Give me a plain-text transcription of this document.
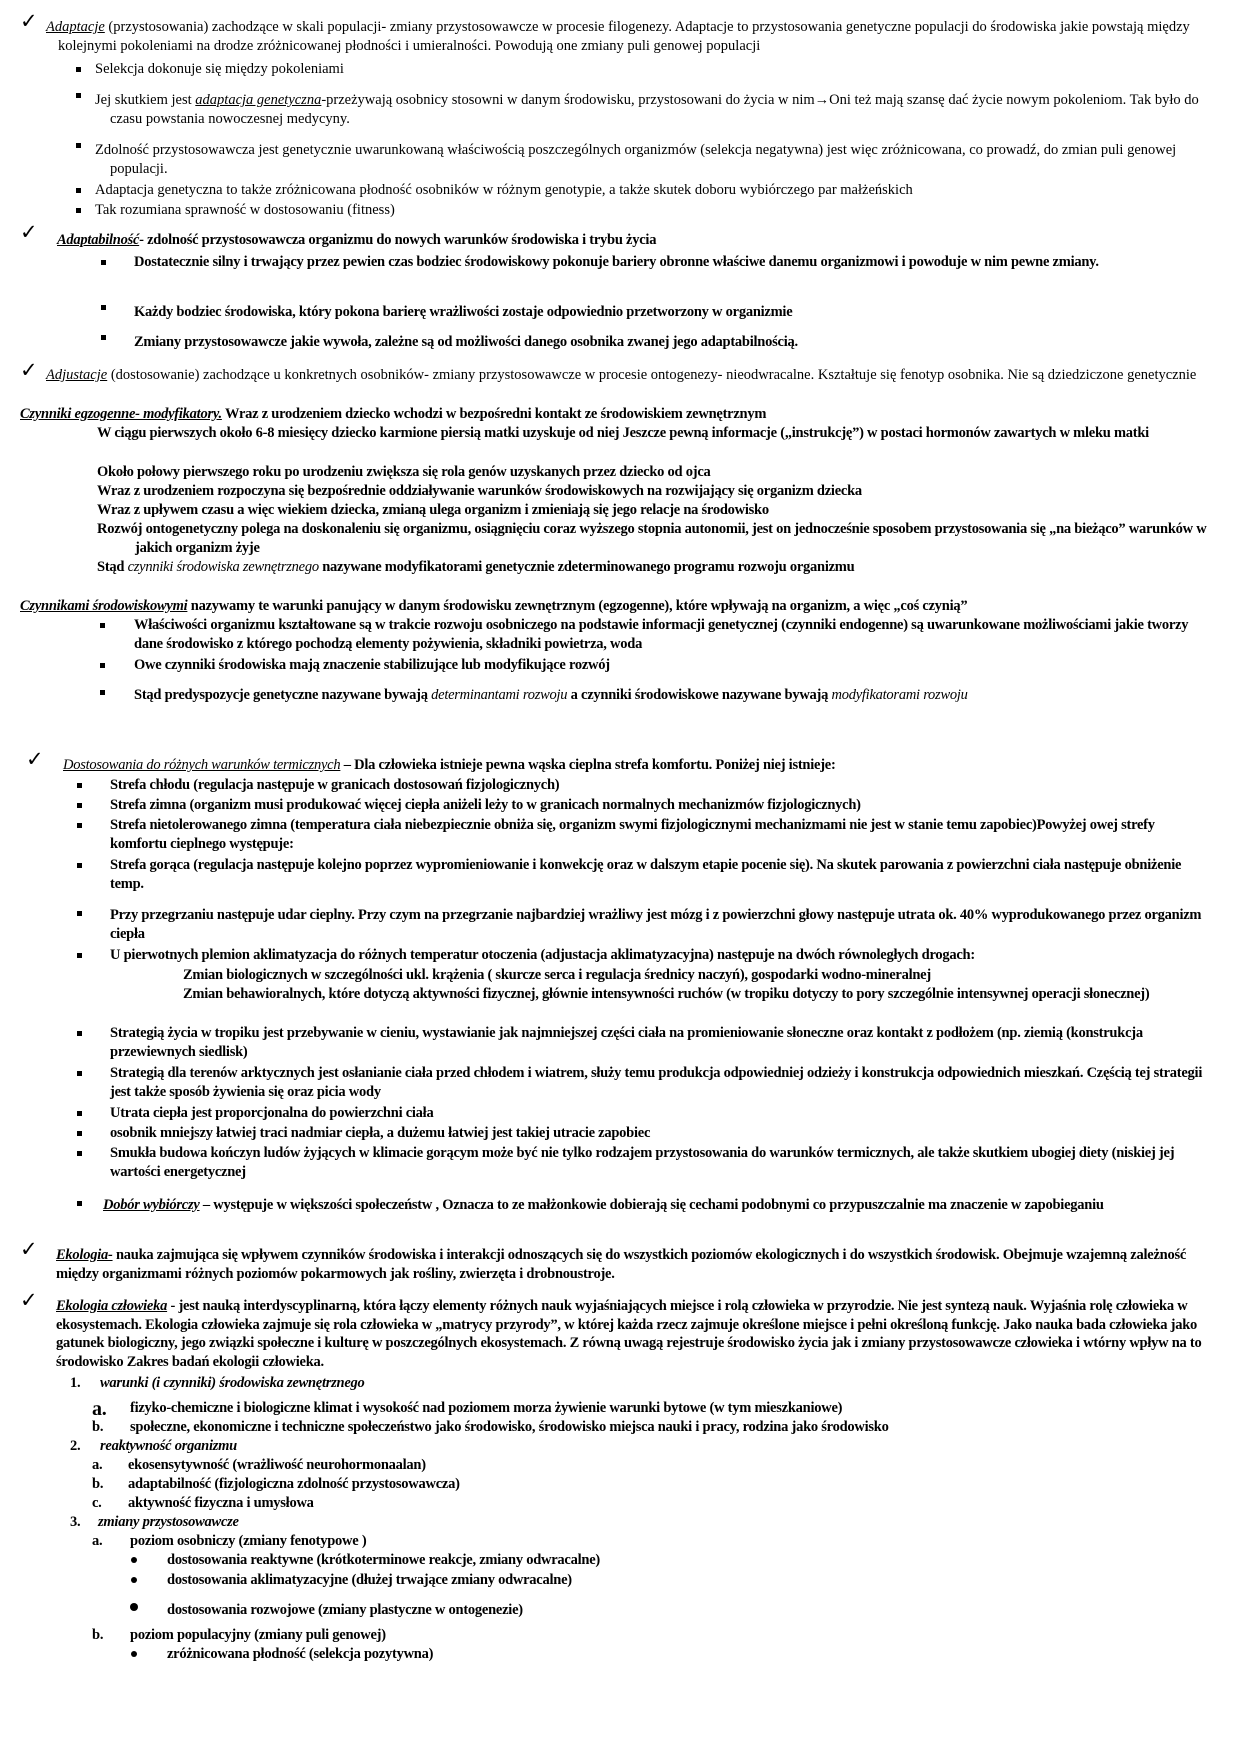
✓ Adaptacje (przystosowania) zachodzące w skali populacji- zmiany przystosowawcze w procesie filogenezy. Adaptacje to przystosowania genetyczne populacji do środowiska jakie powstają między kolejnymi pokoleniami na drodze zróżnicowanej płodności i umieralności. Powodują one zmiany puli genowej populacji
Selekcja dokonuje się między pokoleniami
Jej skutkiem jest adaptacja genetyczna-przeżywają osobnicy stosowni w danym środowisku, przystosowani do życia w nim→Oni też mają szansę dać życie nowym pokoleniom. Tak było do czasu powstania nowoczesnej medycyny.
Zdolność przystosowawcza jest genetycznie uwarunkowaną właściwością poszczególnych organizmów (selekcja negatywna) jest więc zróżnicowana, co prowadź, do zmian puli genowej populacji.
Adaptacja genetyczna to także zróżnicowana płodność osobników w różnym genotypie, a także skutek doboru wybiórczego par małżeńskich
Tak rozumiana sprawność w dostosowaniu (fitness)
✓ Adaptabilność- zdolność przystosowawcza organizmu do nowych warunków środowiska i trybu życia
Dostatecznie silny i trwający przez pewien czas bodziec środowiskowy pokonuje bariery obronne właściwe danemu organizmowi i powoduje w nim pewne zmiany.
Każdy bodziec środowiska, który pokona barierę wrażliwości zostaje odpowiednio przetworzony w organizmie
Zmiany przystosowawcze jakie wywoła, zależne są od możliwości danego osobnika zwanej jego adaptabilnością.
✓ Adjustacje (dostosowanie) zachodzące u konkretnych osobników- zmiany przystosowawcze w procesie ontogenezy- nieodwracalne. Kształtuje się fenotyp osobnika. Nie są dziedziczone genetycznie
Czynniki egzogenne- modyfikatory. Wraz z urodzeniem dziecko wchodzi w bezpośredni kontakt ze środowiskiem zewnętrznym
W ciągu pierwszych około 6-8 miesięcy dziecko karmione piersią matki uzyskuje od niej Jeszcze pewną informacje („instrukcję”) w postaci hormonów zawartych w mleku matki
Około połowy pierwszego roku po urodzeniu zwiększa się rola genów uzyskanych przez dziecko od ojca
Wraz z urodzeniem rozpoczyna się bezpośrednie oddziaływanie warunków środowiskowych na rozwijający się organizm dziecka
Wraz z upływem czasu a więc wiekiem dziecka, zmianą ulega organizm i zmieniają się jego relacje na środowisko
Rozwój ontogenetyczny polega na doskonaleniu się organizmu, osiągnięciu coraz wyższego stopnia autonomii, jest on jednocześnie sposobem przystosowania się „na bieżąco” warunków w jakich organizm żyje
Stąd czynniki środowiska zewnętrznego nazywane modyfikatorami genetycznie zdeterminowanego programu rozwoju organizmu
Czynnikami środowiskowymi nazywamy te warunki panujący w danym środowisku zewnętrznym (egzogenne), które wpływają na organizm, a więc „coś czynią”
Właściwości organizmu kształtowane są w trakcie rozwoju osobniczego na podstawie informacji genetycznej (czynniki endogenne) są uwarunkowane możliwościami jakie tworzy dane środowisko z którego pochodzą elementy pożywienia, składniki powietrza, woda
Owe czynniki środowiska mają znaczenie stabilizujące lub modyfikujące rozwój
Stąd predyspozycje genetyczne nazywane bywają determinantami rozwoju a czynniki środowiskowe nazywane bywają modyfikatorami rozwoju
✓ Dostosowania do różnych warunków termicznych – Dla człowieka istnieje pewna wąska cieplna strefa komfortu. Poniżej niej istnieje:
Strefa chłodu (regulacja następuje w granicach dostosowań fizjologicznych)
Strefa zimna (organizm musi produkować więcej ciepła aniżeli leży to w granicach normalnych mechanizmów fizjologicznych)
Strefa nietolerowanego zimna (temperatura ciała niebezpiecznie obniża się, organizm swymi fizjologicznymi mechanizmami nie jest w stanie temu zapobiec)Powyżej owej strefy komfortu cieplnego występuje:
Strefa gorąca (regulacja następuje kolejno poprzez wypromieniowanie i konwekcję oraz w dalszym etapie pocenie się). Na skutek parowania z powierzchni ciała następuje obniżenie temp.
Przy przegrzaniu następuje udar cieplny. Przy czym na przegrzanie najbardziej wrażliwy jest mózg i z powierzchni głowy następuje utrata ok. 40% wyprodukowanego przez organizm ciepła
U pierwotnych plemion aklimatyzacja do różnych temperatur otoczenia (adjustacja aklimatyzacyjna) następuje na dwóch równoległych drogach:
Zmian biologicznych w szczególności ukl. krążenia ( skurcze serca i regulacja średnicy naczyń), gospodarki wodno-mineralnej
Zmian behawioralnych, które dotyczą aktywności fizycznej, głównie intensywności ruchów (w tropiku dotyczy to pory szczególnie intensywnej operacji słonecznej)
Strategią życia w tropiku jest przebywanie w cieniu, wystawianie jak najmniejszej części ciała na promieniowanie słoneczne oraz kontakt z podłożem (np. ziemią (konstrukcja przewiewnych siedlisk)
Strategią dla terenów arktycznych jest osłanianie ciała przed chłodem i wiatrem, służy temu produkcja odpowiedniej odzieży i konstrukcja odpowiednich mieszkań. Częścią tej strategii jest także sposób żywienia się oraz picia wody
Utrata ciepła jest proporcjonalna do powierzchni ciała
osobnik mniejszy łatwiej traci nadmiar ciepła, a dużemu łatwiej jest takiej utracie zapobiec
Smukła budowa kończyn ludów żyjących w klimacie gorącym może być nie tylko rodzajem przystosowania do warunków termicznych, ale także skutkiem ubogiej diety (niskiej jej wartości energetycznej
Dobór wybiórczy – występuje w większości społeczeństw , Oznacza to ze małżonkowie dobierają się cechami podobnymi co przypuszczalnie ma znaczenie w zapobieganiu
✓ Ekologia- nauka zajmująca się wpływem czynników środowiska i interakcji odnoszących się do wszystkich poziomów ekologicznych i do wszystkich środowisk. Obejmuje wzajemną zależność między organizmami różnych poziomów pokarmowych jak rośliny, zwierzęta i drobnoustroje.
✓ Ekologia człowieka - jest nauką interdyscyplinarną, która łączy elementy różnych nauk wyjaśniających miejsce i rolą człowieka w przyrodzie. Nie jest syntezą nauk. Wyjaśnia rolę człowieka w ekosystemach. Ekologia człowieka zajmuje się rola człowieka w „matrycy przyrody”, w której każda rzecz zajmuje określone miejsce i pełni określoną funkcję. Jako nauka bada człowieka jako gatunek biologiczny, jego związki społeczne i kulturę w poszczególnych ekosystemach. Z równą uwagą rejestruje środowisko życia jak i zmiany przystosowawcze człowieka i wtórny wpływ na to środowisko Zakres badań ekologii człowieka.
1. warunki (i czynniki) środowiska zewnętrznego
a. fizyko-chemiczne i biologiczne klimat i wysokość nad poziomem morza żywienie warunki bytowe (w tym mieszkaniowe)
b. społeczne, ekonomiczne i techniczne społeczeństwo jako środowisko, środowisko miejsca nauki i pracy, rodzina jako środowisko
2. reaktywność organizmu
a. ekosensytywność (wrażliwość neurohormonaalan)
b. adaptabilność (fizjologiczna zdolność przystosowawcza)
c. aktywność fizyczna i umysłowa
3. zmiany przystosowawcze
a. poziom osobniczy (zmiany fenotypowe )
dostosowania reaktywne (krótkoterminowe reakcje, zmiany odwracalne)
dostosowania aklimatyzacyjne (dłużej trwające zmiany odwracalne)
dostosowania rozwojowe (zmiany plastyczne w ontogenezie)
b. poziom populacyjny (zmiany puli genowej)
zróżnicowana płodność (selekcja pozytywna)
